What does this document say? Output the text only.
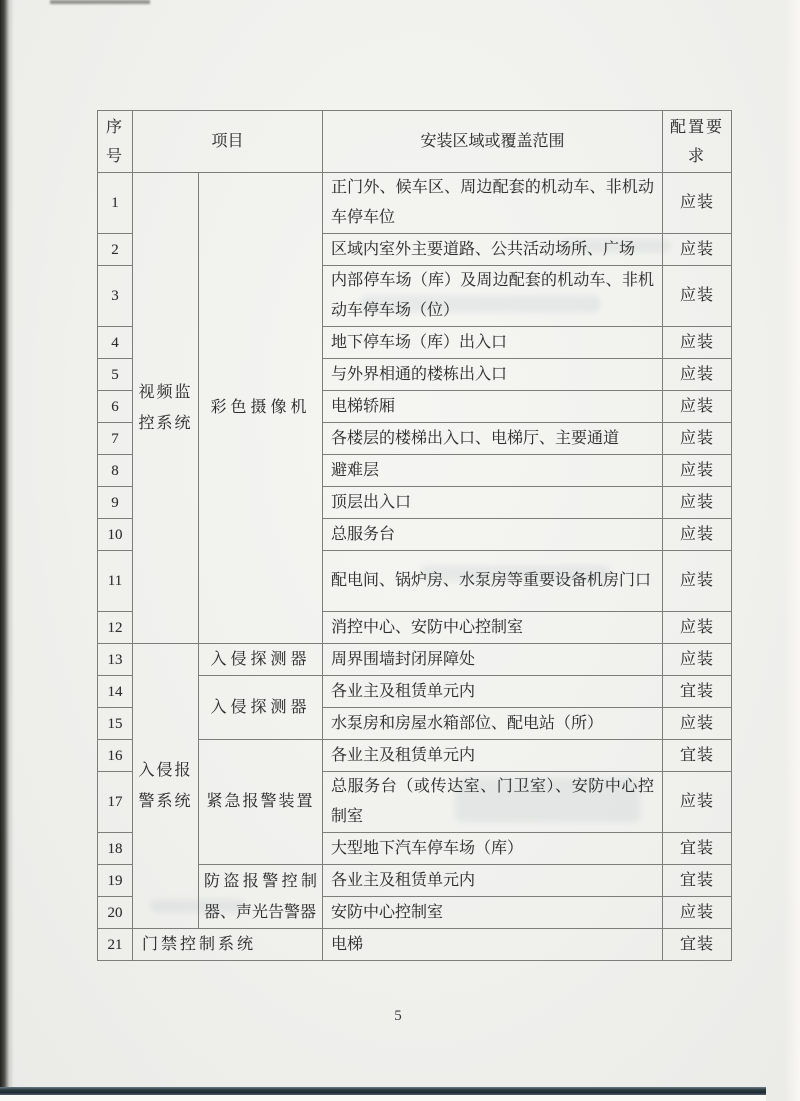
序号	项目		安装区域或覆盖范围	配置要求
1	视频监控系统	彩色摄像机	正门外、候车区、周边配套的机动车、非机动车停车位	应装
2			区域内室外主要道路、公共活动场所、广场	应装
3			内部停车场（库）及周边配套的机动车、非机动车停车场（位）	应装
4			地下停车场（库）出入口	应装
5			与外界相通的楼栋出入口	应装
6			电梯轿厢	应装
7			各楼层的楼梯出入口、电梯厅、主要通道	应装
8			避难层	应装
9			顶层出入口	应装
10			总服务台	应装
11			配电间、锅炉房、水泵房等重要设备机房门口	应装
12			消控中心、安防中心控制室	应装
13	入侵报警系统	入侵探测器	周界围墙封闭屏障处	应装
14		入侵探测器	各业主及租赁单元内	宜装
15			水泵房和房屋水箱部位、配电站（所）	应装
16		紧急报警装置	各业主及租赁单元内	宜装
17			总服务台（或传达室、门卫室）、安防中心控制室	应装
18			大型地下汽车停车场（库）	宜装
19		防盗报警控制器、声光告警器	各业主及租赁单元内	宜装
20			安防中心控制室	应装
21	门禁控制系统		电梯	宜装
5
